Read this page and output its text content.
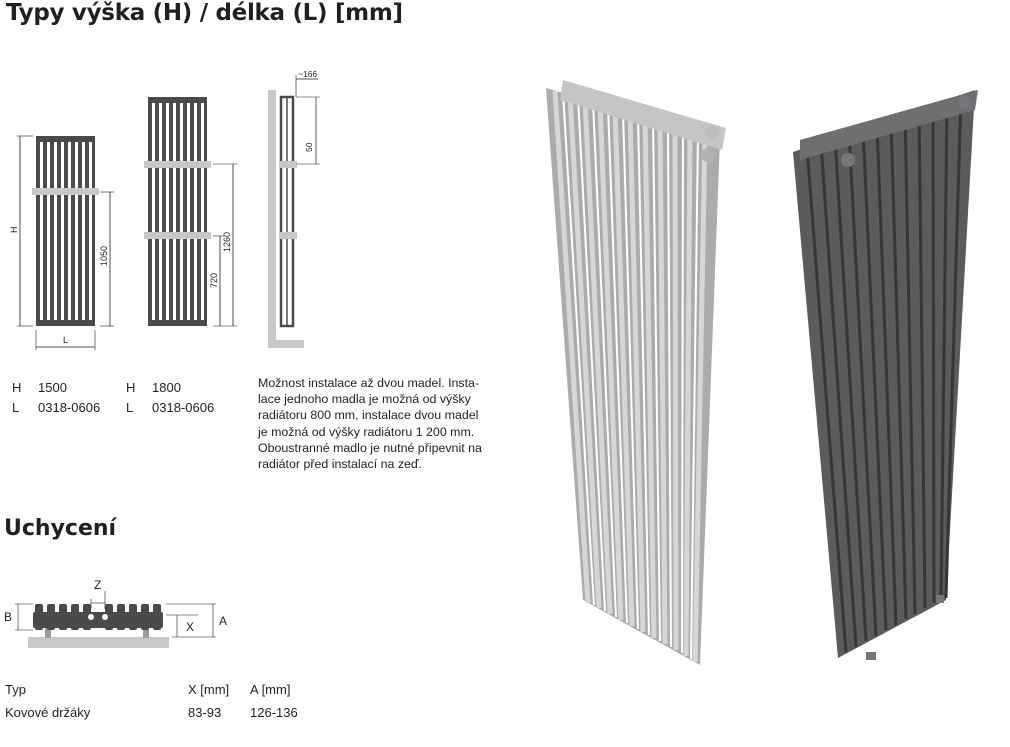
Typy výška (H) / délka (L) [mm]
H
1050
L
1260
720
~166
50
Z
B
X A
H 1500
L 0318-0606
H 1800
L 0318-0606
Možnost instalace až dvou madel. Insta-
lace jednoho madla je možná od výšky
radiátoru 800 mm, instalace dvou madel
je možná od výšky radiátoru 1 200 mm.
Oboustranné madlo je nutné připevnit na
radiátor před instalací na zeď.
Uchycení
Typ	X [mm] A [mm]
Kovové držáky	83-93 126-136
